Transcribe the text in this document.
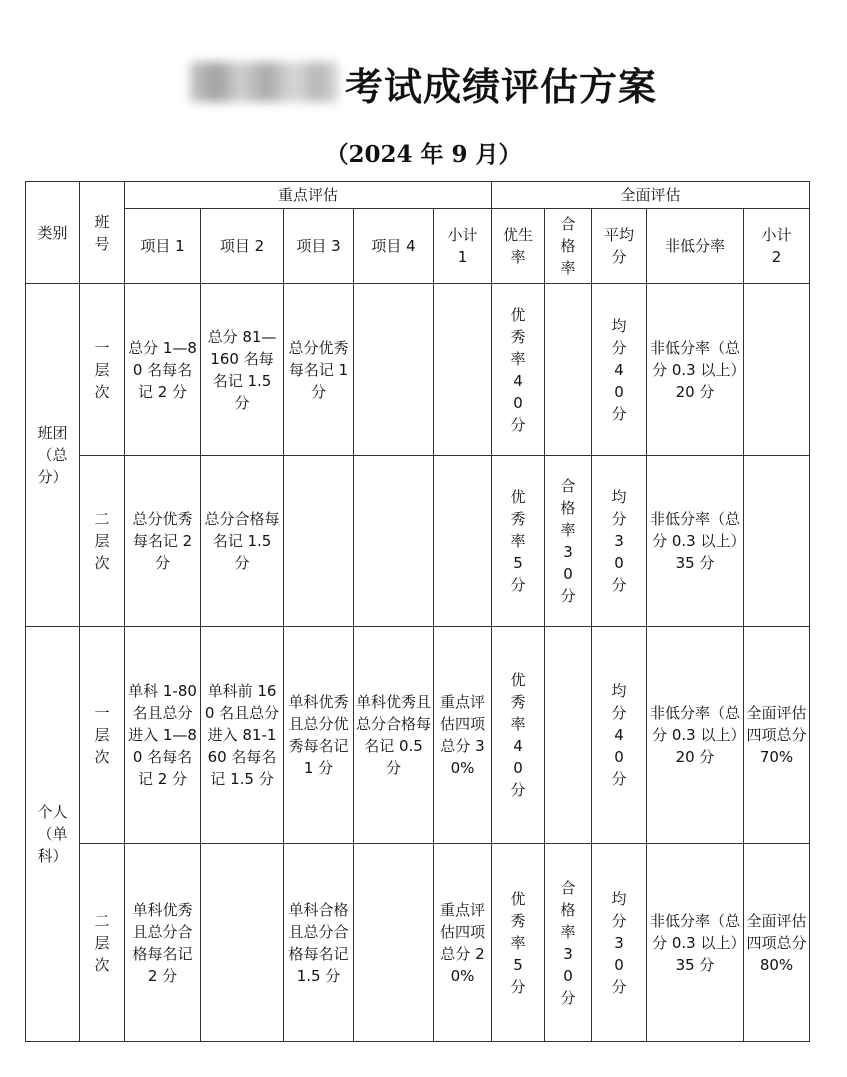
考试成绩评估方案
（2024 年 9 月）
类别	班号	重点评估					全面评估				
		项目 1	项目 2	项目 3	项目 4	小计1	优生率	合格率	平均分	非低分率	小计2
班团（总分）	一层次	总分 1—80 名每名记 2 分	总分 81—160 名每名记 1.5 分	总分优秀每名记 1 分			优秀率40分		均分40分	非低分率（总分 0.3 以上）20 分	
	二层次	总分优秀每名记 2 分	总分合格每名记 1.5 分				优秀率5分	合格率30分	均分30分	非低分率（总分 0.3 以上）35 分	
个人（单科）	一层次	单科 1-80 名且总分进入 1—80 名每名记 2 分	单科前 160 名且总分进入 81-160 名每名记 1.5 分	单科优秀且总分优秀每名记 1 分	单科优秀且总分合格每名记 0.5 分	重点评估四项总分 30%	优秀率40分		均分40分	非低分率（总分 0.3 以上）20 分	全面评估四项总分 70%
	二层次	单科优秀且总分合格每名记 2 分		单科合格且总分合格每名记 1.5 分		重点评估四项总分 20%	优秀率5分	合格率30分	均分30分	非低分率（总分 0.3 以上）35 分	全面评估四项总分 80%
